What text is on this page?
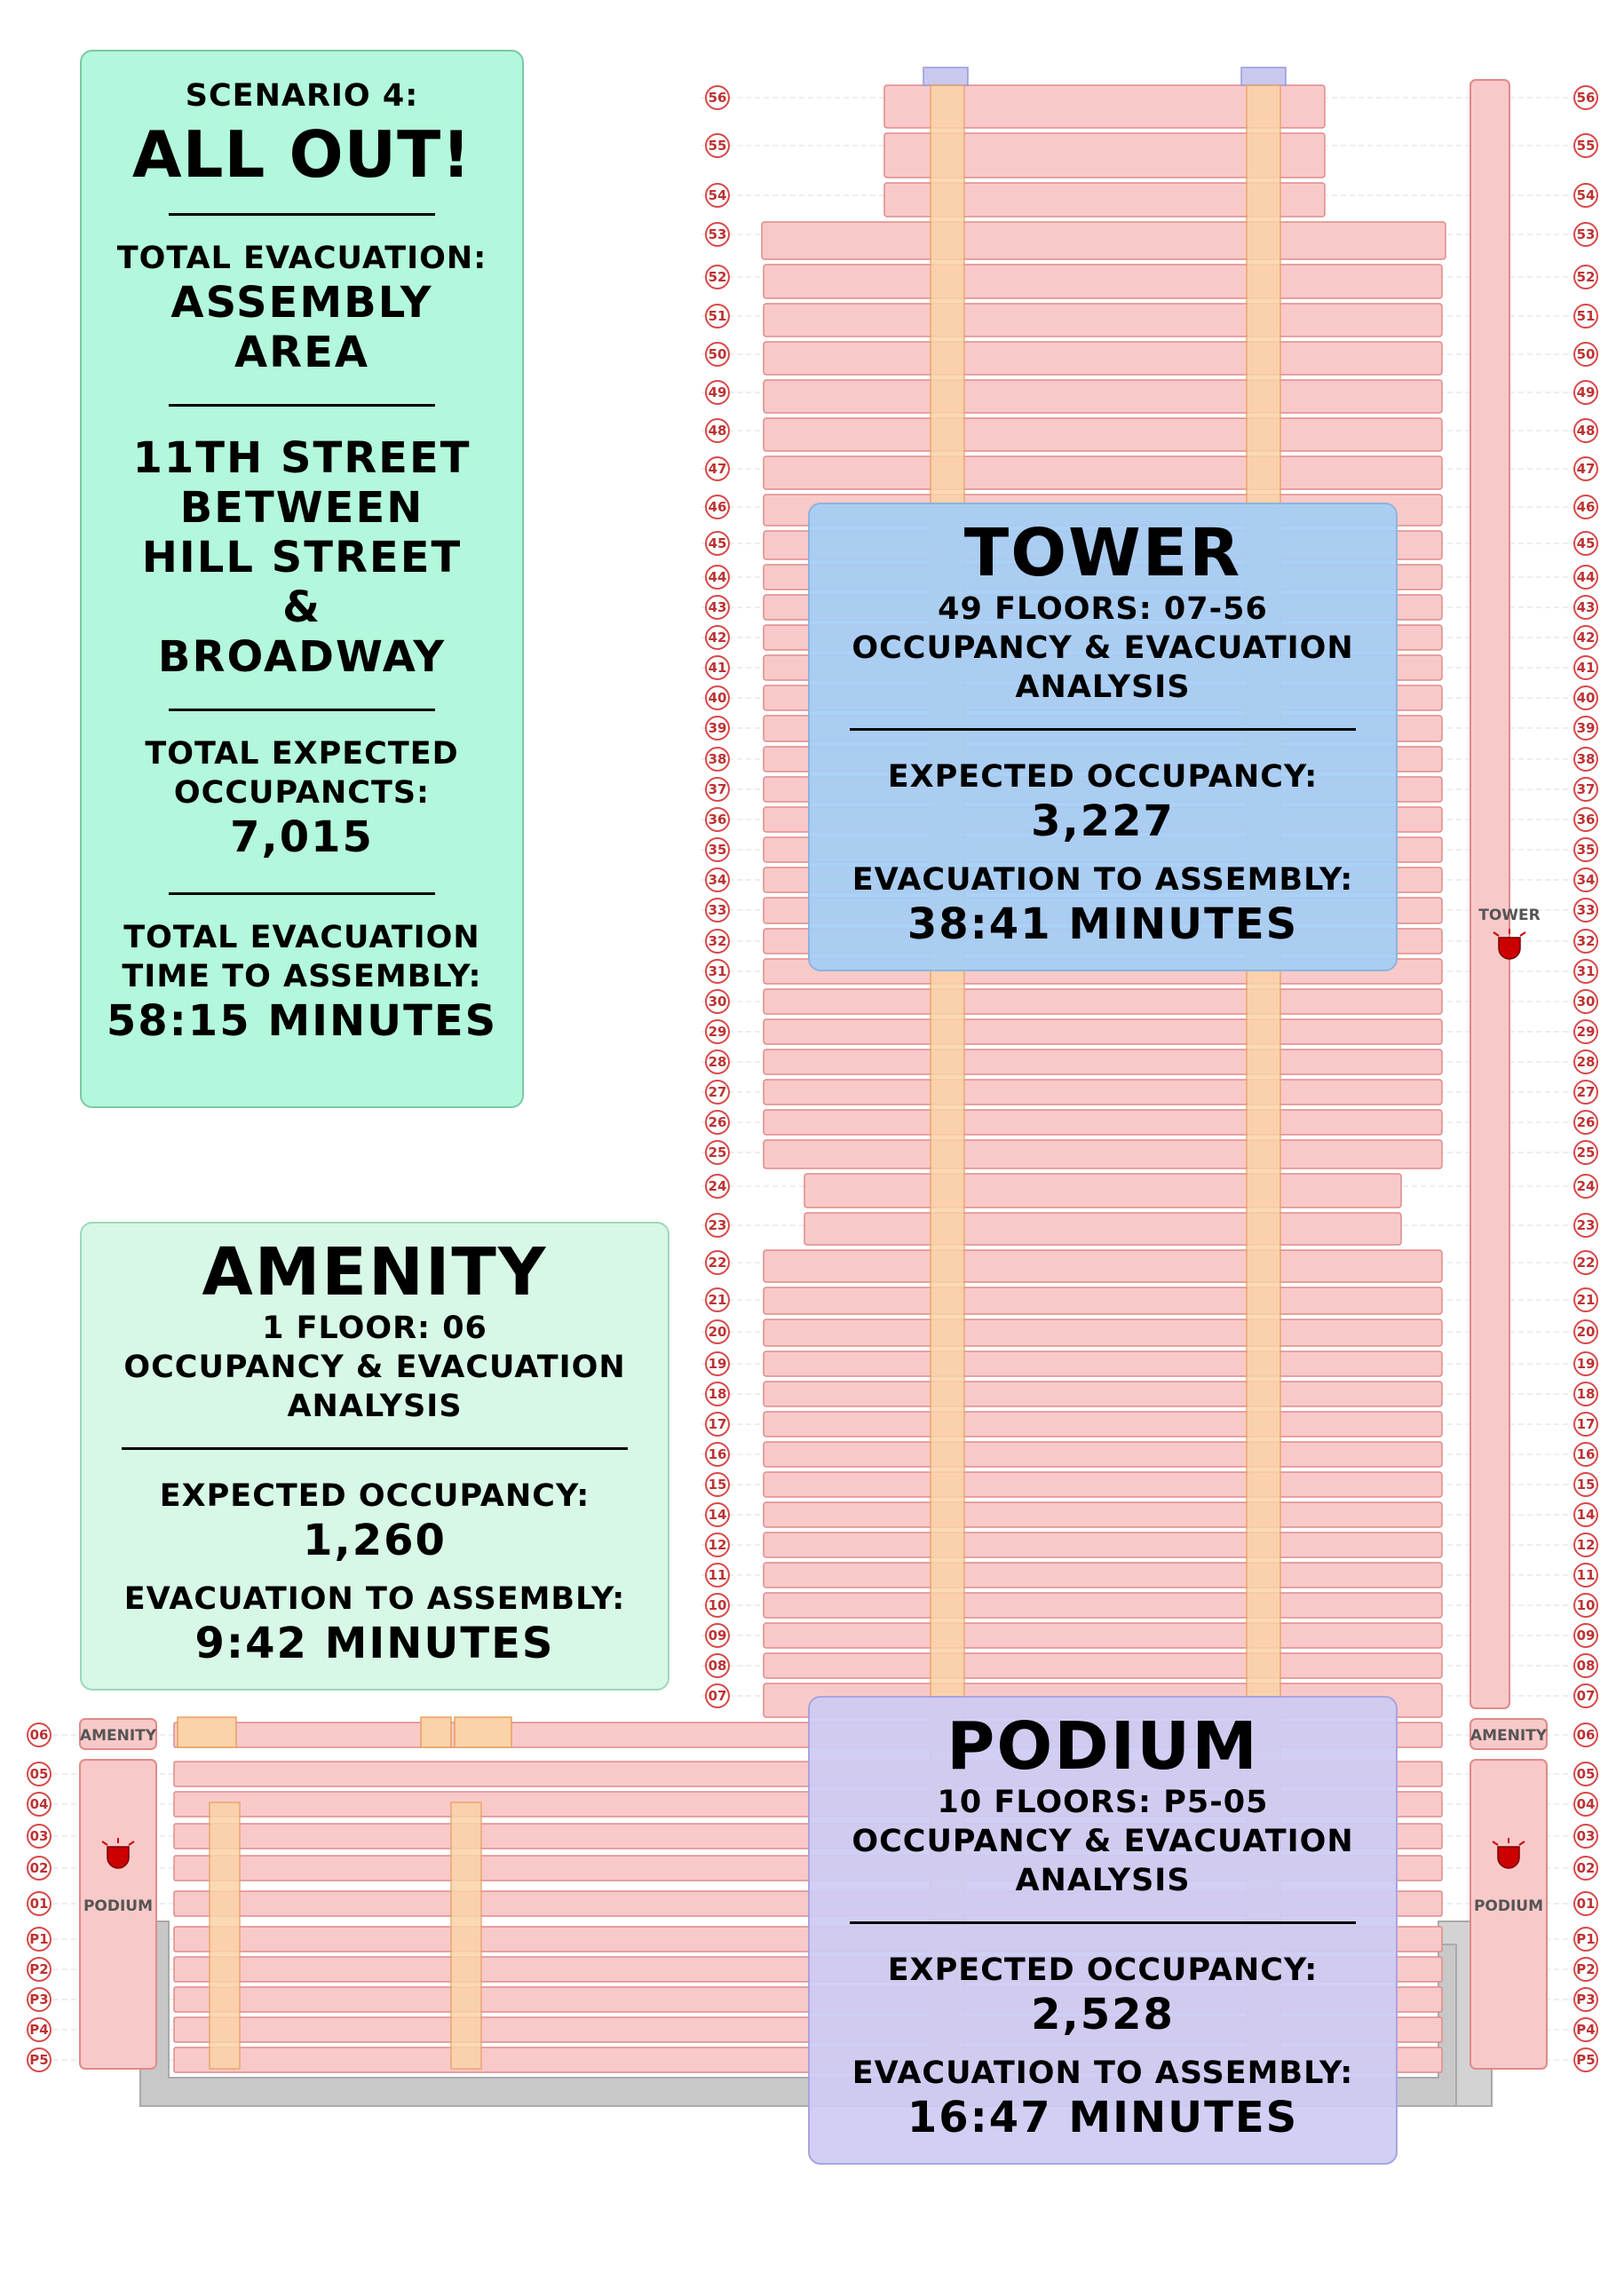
TOWER
AMENITY	AMENITY
PODIUM	PODIUM
56	56
55	55
54	54
53	53
52	52
51	51
50	50
49	49
48	48
47	47
46	46
45	45
44	44
43	43
42	42
41	41
40	40
39	39
38	38
37	37
36	36
35	35
34	34
33	33
32	32
31	31
30	30
29	29
28	28
27	27
26	26
25	25
24	24
23	23
22	22
21	21
20	20
19	19
18	18
17	17
16	16
15	15
14	14
12	12
11	11
10	10
09	09
08	08
07	07
06	06
05	05
04	04
03	03
02	02
01	01
P1	P1
P2	P2
P3	P3
P4	P4
P5	P5
SCENARIO 4:
ALL OUT!
TOTAL EVACUATION:
ASSEMBLY
AREA
11TH STREET
BETWEEN
HILL STREET
&
BROADWAY
TOTAL EXPECTED
OCCUPANCTS:
7,015
TOTAL EVACUATION
TIME TO ASSEMBLY:
58:15 MINUTES
AMENITY
1 FLOOR: 06
OCCUPANCY & EVACUATION
ANALYSIS
EXPECTED OCCUPANCY:
1,260
EVACUATION TO ASSEMBLY:
9:42 MINUTES
TOWER
49 FLOORS: 07-56
OCCUPANCY & EVACUATION
ANALYSIS
EXPECTED OCCUPANCY:
3,227
EVACUATION TO ASSEMBLY:
38:41 MINUTES
PODIUM
10 FLOORS: P5-05
OCCUPANCY & EVACUATION
ANALYSIS
EXPECTED OCCUPANCY:
2,528
EVACUATION TO ASSEMBLY:
16:47 MINUTES
